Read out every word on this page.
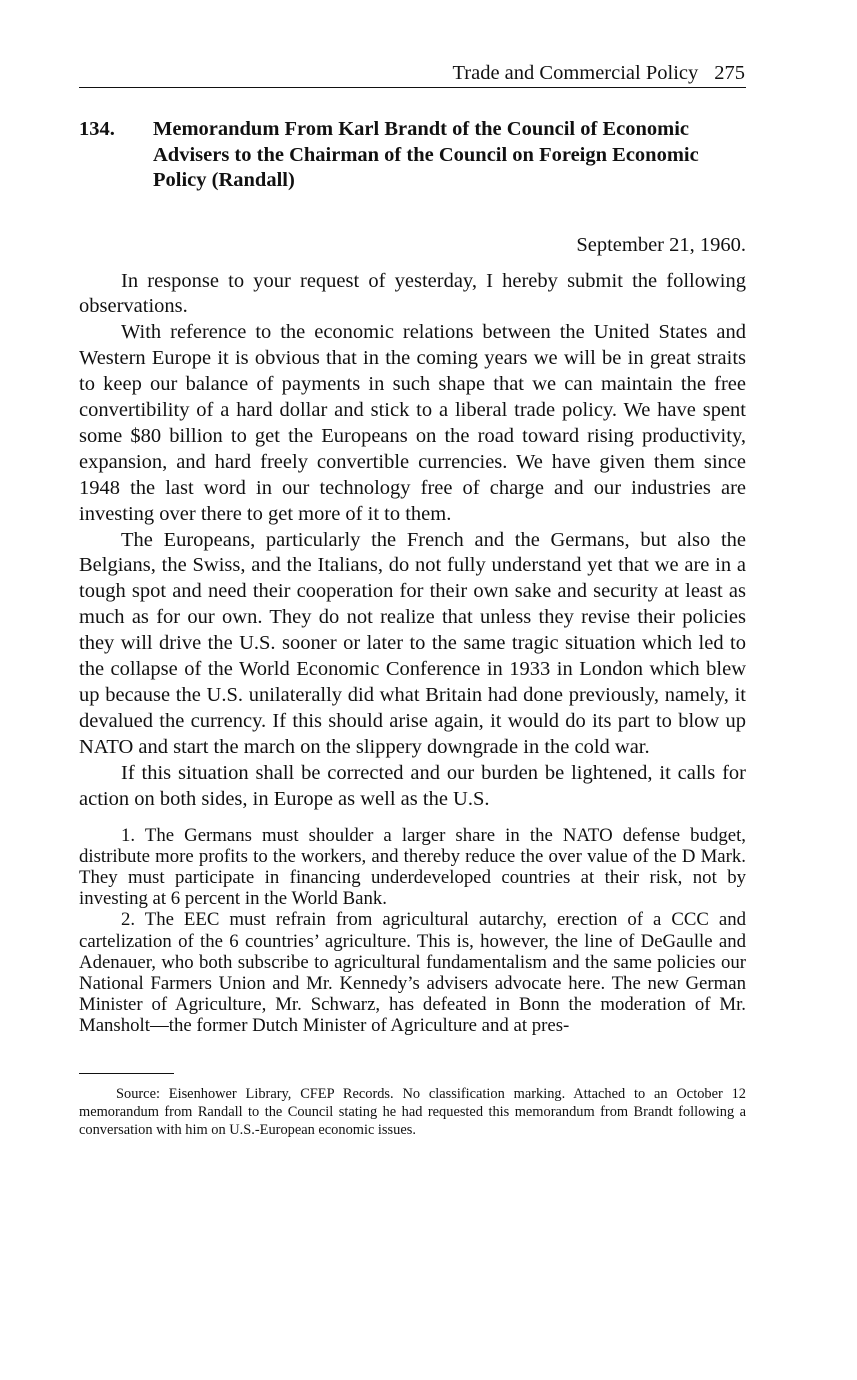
Trade and Commercial Policy 275
134.	Memorandum From Karl Brandt of the Council of Economic Advisers to the Chairman of the Council on Foreign Economic Policy (Randall)
September 21, 1960.

In response to your request of yesterday, I hereby submit the following observations.

With reference to the economic relations between the United States and Western Europe it is obvious that in the coming years we will be in great straits to keep our balance of payments in such shape that we can maintain the free convertibility of a hard dollar and stick to a liberal trade policy. We have spent some $80 billion to get the Europeans on the road toward rising productivity, expansion, and hard freely convertible currencies. We have given them since 1948 the last word in our technology free of charge and our industries are investing over there to get more of it to them.

The Europeans, particularly the French and the Germans, but also the Belgians, the Swiss, and the Italians, do not fully understand yet that we are in a tough spot and need their cooperation for their own sake and security at least as much as for our own. They do not realize that unless they revise their policies they will drive the U.S. sooner or later to the same tragic situation which led to the collapse of the World Economic Conference in 1933 in London which blew up because the U.S. unilaterally did what Britain had done previously, namely, it devalued the currency. If this should arise again, it would do its part to blow up NATO and start the march on the slippery downgrade in the cold war.

If this situation shall be corrected and our burden be lightened, it calls for action on both sides, in Europe as well as the U.S.

1. The Germans must shoulder a larger share in the NATO defense budget, distribute more profits to the workers, and thereby reduce the over value of the D Mark. They must participate in financing underdeveloped countries at their risk, not by investing at 6 percent in the World Bank.

2. The EEC must refrain from agricultural autarchy, erection of a CCC and cartelization of the 6 countries’ agriculture. This is, however, the line of DeGaulle and Adenauer, who both subscribe to agricultural fundamentalism and the same policies our National Farmers Union and Mr. Kennedy’s advisers advocate here. The new German Minister of Agriculture, Mr. Schwarz, has defeated in Bonn the moderation of Mr. Mansholt—the former Dutch Minister of Agriculture and at pres-

Source: Eisenhower Library, CFEP Records. No classification marking. Attached to an October 12 memorandum from Randall to the Council stating he had requested this memorandum from Brandt following a conversation with him on U.S.-European economic issues.
